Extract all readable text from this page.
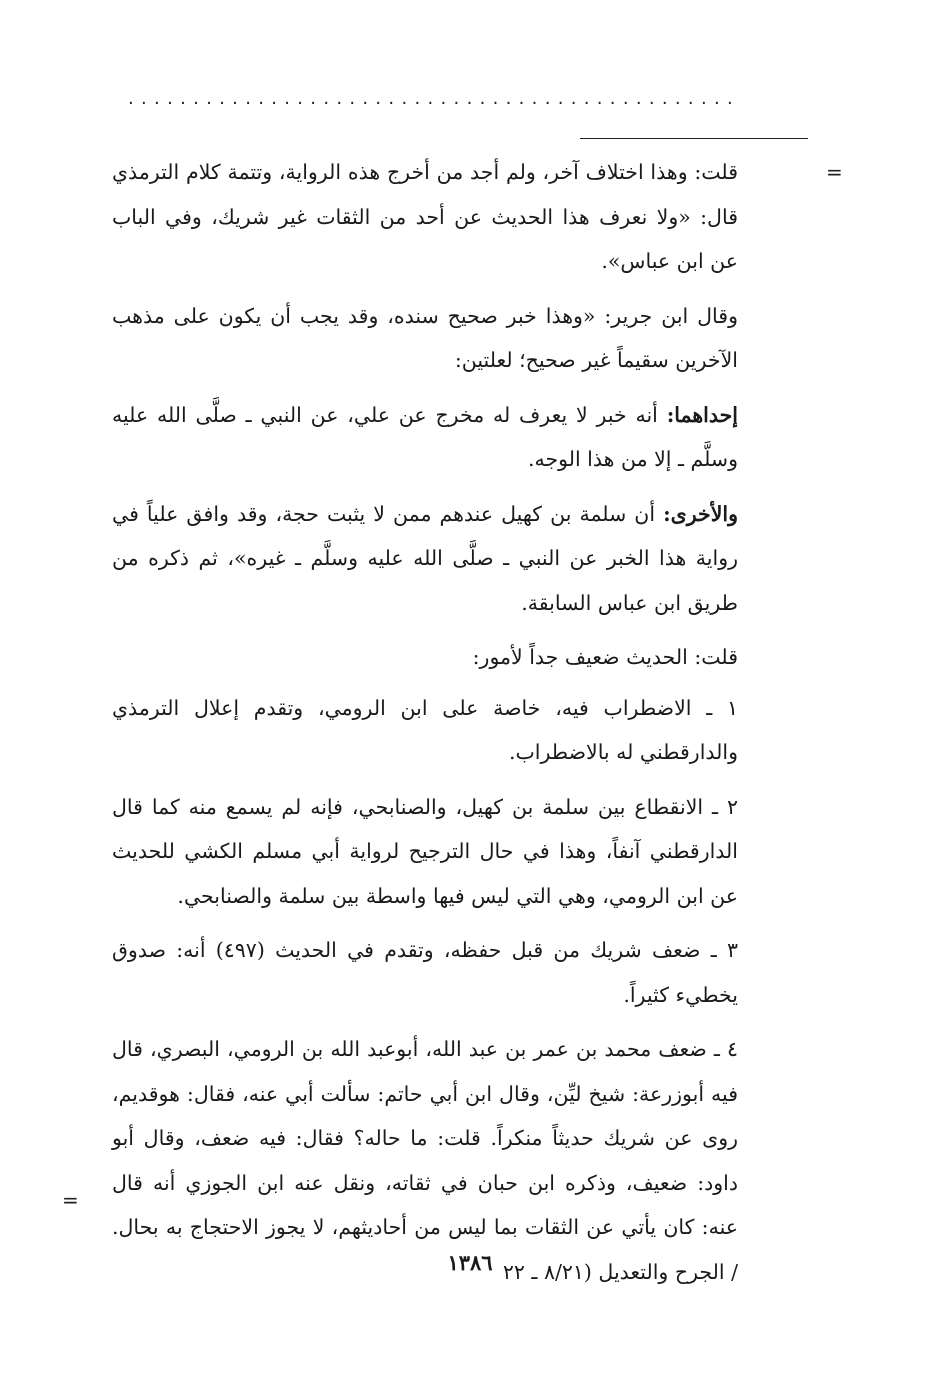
...............................................
=

قلت: وهذا اختلاف آخر، ولم أجد من أخرج هذه الرواية، وتتمة كلام الترمذي قال: «ولا نعرف هذا الحديث عن أحد من الثقات غير شريك، وفي الباب عن ابن عباس».

وقال ابن جرير: «وهذا خبر صحيح سنده، وقد يجب أن يكون على مذهب الآخرين سقيماً غير صحيح؛ لعلتين:

إحداهما: أنه خبر لا يعرف له مخرج عن علي، عن النبي ـ صلَّى الله عليه وسلَّم ـ إلا من هذا الوجه.

والأخرى: أن سلمة بن كهيل عندهم ممن لا يثبت حجة، وقد وافق علياً في رواية هذا الخبر عن النبي ـ صلَّى الله عليه وسلَّم ـ غيره»، ثم ذكره من طريق ابن عباس السابقة.

قلت: الحديث ضعيف جداً لأمور:

١ ـ الاضطراب فيه، خاصة على ابن الرومي، وتقدم إعلال الترمذي والدارقطني له بالاضطراب.

٢ ـ الانقطاع بين سلمة بن كهيل، والصنابحي، فإنه لم يسمع منه كما قال الدارقطني آنفاً، وهذا في حال الترجيح لرواية أبي مسلم الكشي للحديث عن ابن الرومي، وهي التي ليس فيها واسطة بين سلمة والصنابحي.

٣ ـ ضعف شريك من قبل حفظه، وتقدم في الحديث (٤٩٧) أنه: صدوق يخطيء كثيراً.

٤ ـ ضعف محمد بن عمر بن عبد الله، أبوعبد الله بن الرومي، البصري، قال فيه أبوزرعة: شيخ ليِّن، وقال ابن أبي حاتم: سألت أبي عنه، فقال: هوقديم، روى عن شريك حديثاً منكراً. قلت: ما حاله؟ فقال: فيه ضعف، وقال أبو داود: ضعيف، وذكره ابن حبان في ثقاته، ونقل عنه ابن الجوزي أنه قال عنه: كان يأتي عن الثقات بما ليس من أحاديثهم، لا يجوز الاحتجاج به بحال. / الجرح والتعديل (٨/٢١ ـ ٢٢

=
١٣٨٦
